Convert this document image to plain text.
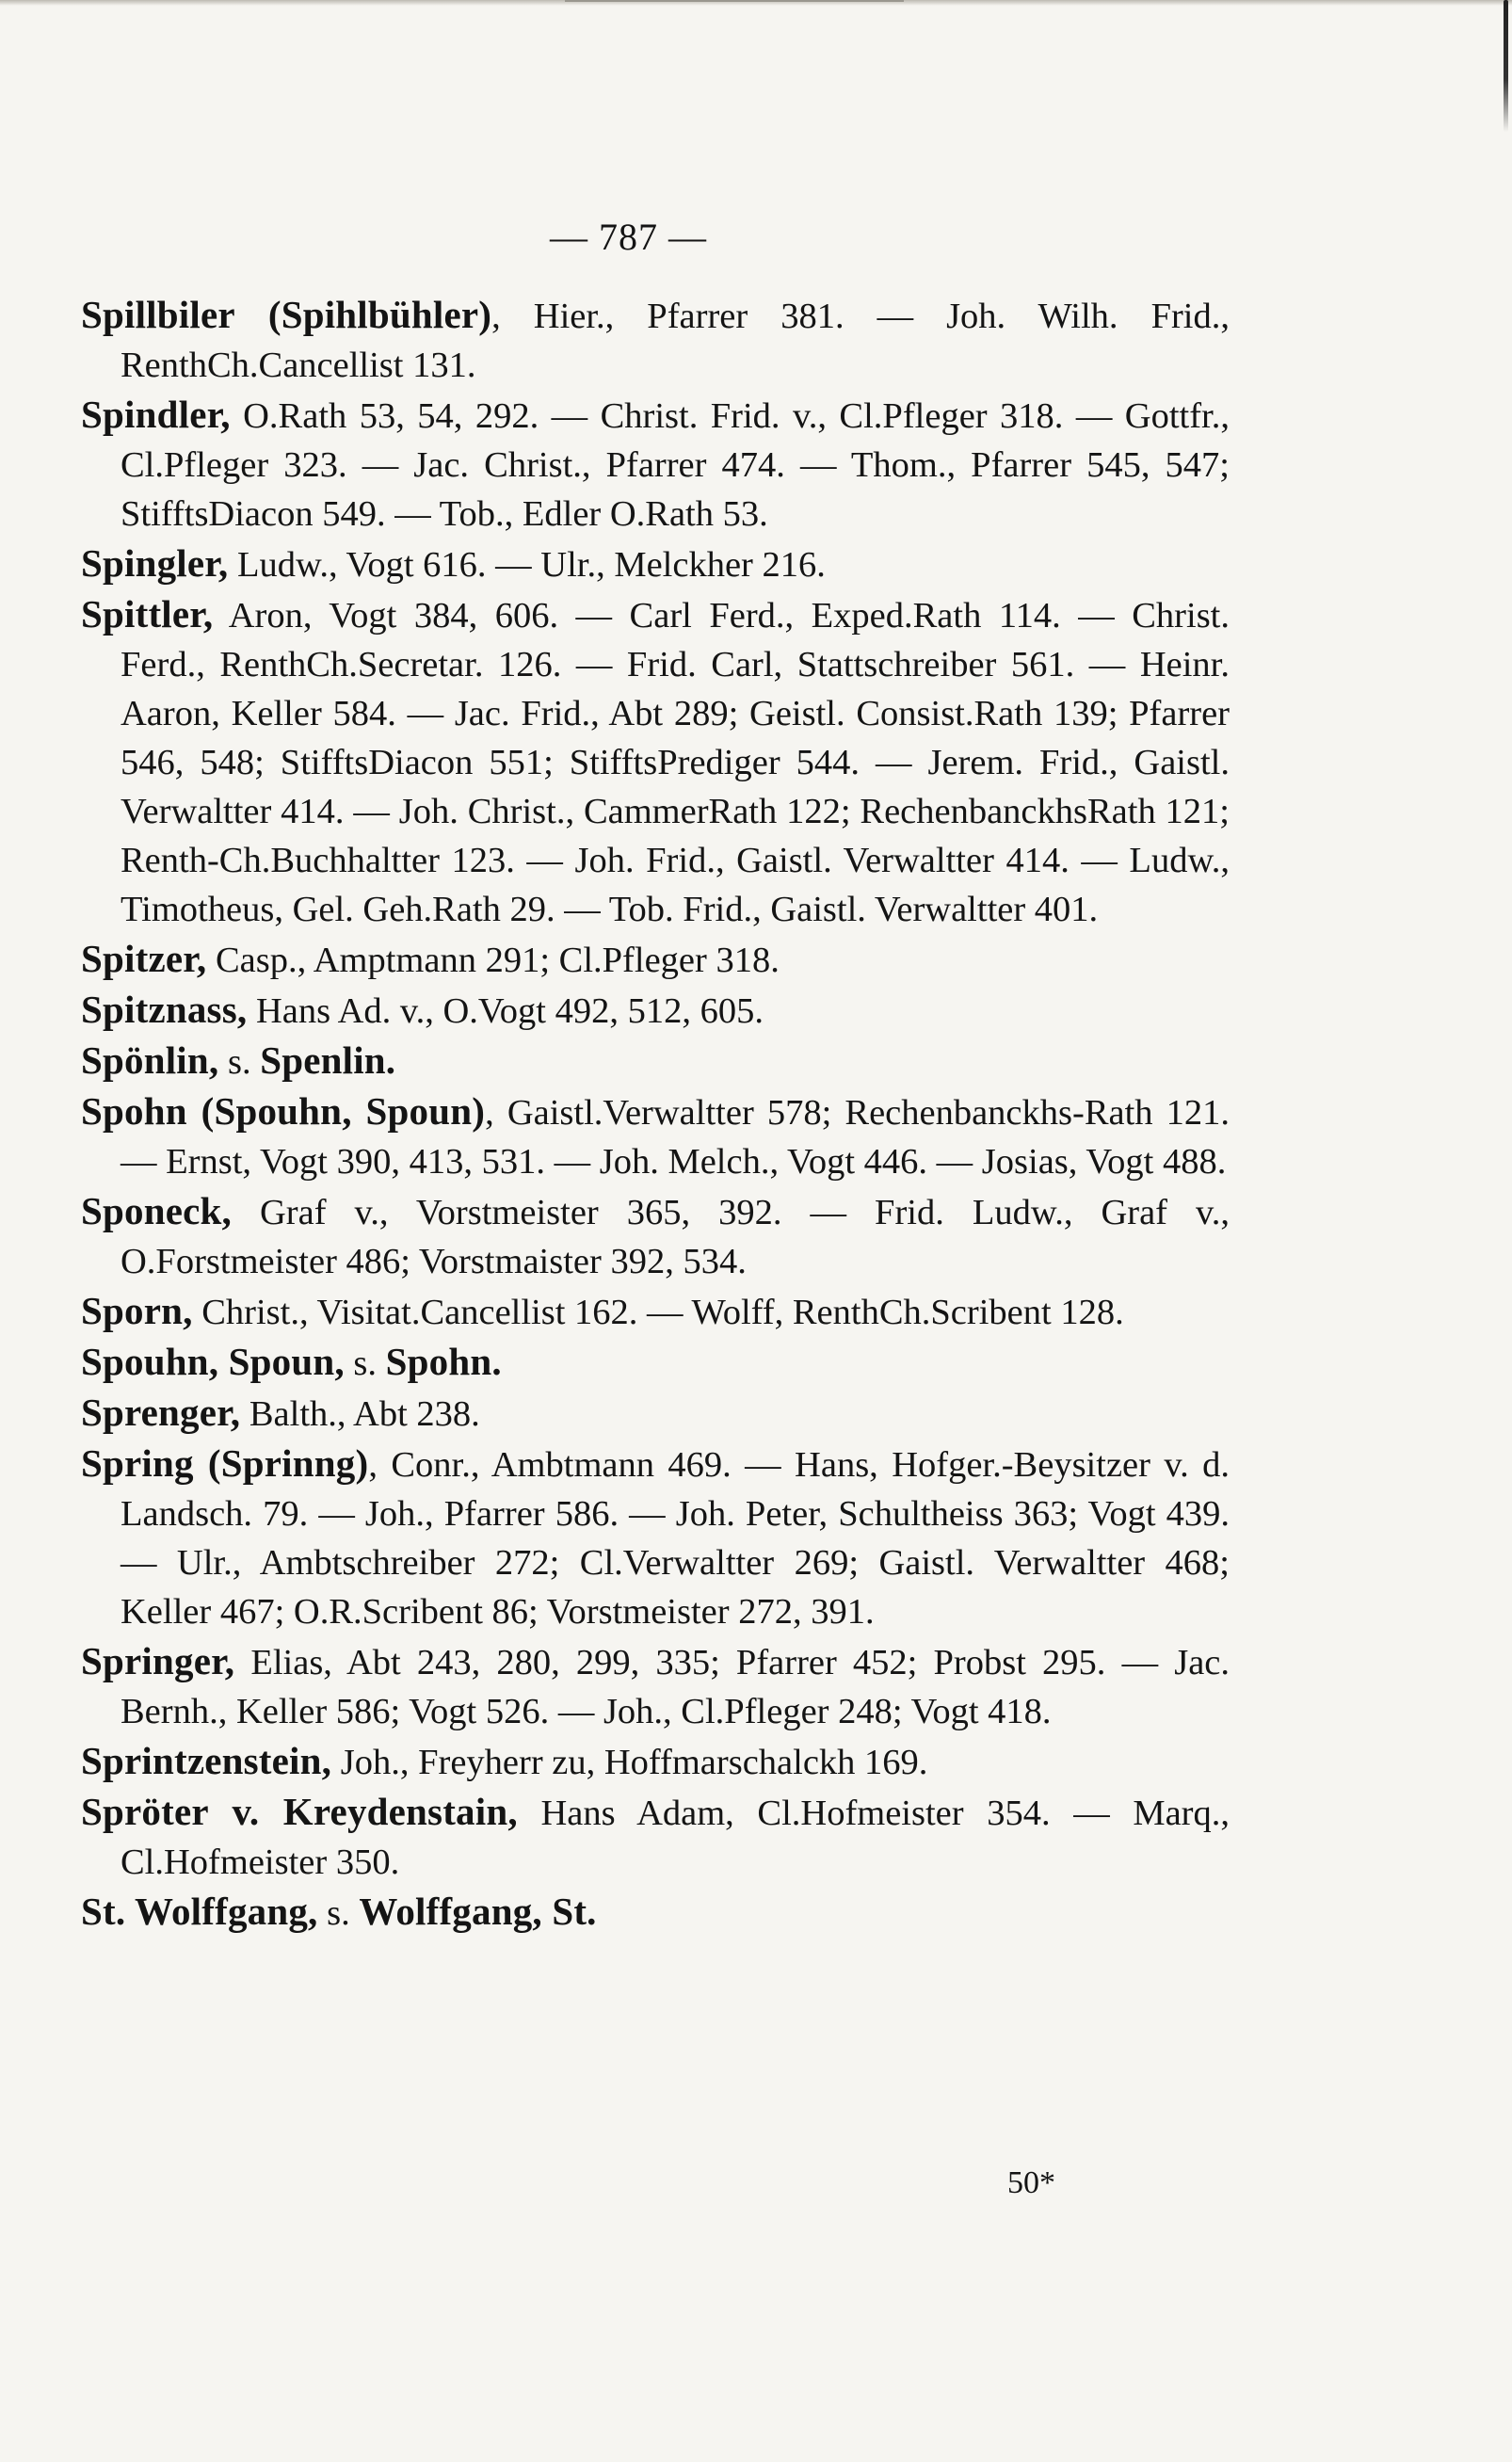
— 787 —

Spillbiler (Spihlbühler), Hier., Pfarrer 381. — Joh. Wilh. Frid., RenthCh.Cancellist 131.

Spindler, O.Rath 53, 54, 292. — Christ. Frid. v., Cl.Pfleger 318. — Gottfr., Cl.Pfleger 323. — Jac. Christ., Pfarrer 474. — Thom., Pfarrer 545, 547; StifftsDiacon 549. — Tob., Edler O.Rath 53.

Spingler, Ludw., Vogt 616. — Ulr., Melckher 216.

Spittler, Aron, Vogt 384, 606. — Carl Ferd., Exped.Rath 114. — Christ. Ferd., RenthCh.Secretar. 126. — Frid. Carl, Stattschreiber 561. — Heinr. Aaron, Keller 584. — Jac. Frid., Abt 289; Geistl. Consist.Rath 139; Pfarrer 546, 548; StifftsDiacon 551; StifftsPrediger 544. — Jerem. Frid., Gaistl. Verwaltter 414. — Joh. Christ., CammerRath 122; RechenbanckhsRath 121; Renth-Ch.Buchhaltter 123. — Joh. Frid., Gaistl. Verwaltter 414. — Ludw., Timotheus, Gel. Geh.Rath 29. — Tob. Frid., Gaistl. Verwaltter 401.

Spitzer, Casp., Amptmann 291; Cl.Pfleger 318.

Spitznass, Hans Ad. v., O.Vogt 492, 512, 605.

Spönlin, s. Spenlin.

Spohn (Spouhn, Spoun), Gaistl.Verwaltter 578; Rechenbanckhs-Rath 121. — Ernst, Vogt 390, 413, 531. — Joh. Melch., Vogt 446. — Josias, Vogt 488.

Sponeck, Graf v., Vorstmeister 365, 392. — Frid. Ludw., Graf v., O.Forstmeister 486; Vorstmaister 392, 534.

Sporn, Christ., Visitat.Cancellist 162. — Wolff, RenthCh.Scribent 128.

Spouhn, Spoun, s. Spohn.

Sprenger, Balth., Abt 238.

Spring (Sprinng), Conr., Ambtmann 469. — Hans, Hofger.-Beysitzer v. d. Landsch. 79. — Joh., Pfarrer 586. — Joh. Peter, Schultheiss 363; Vogt 439. — Ulr., Ambtschreiber 272; Cl.Verwaltter 269; Gaistl. Verwaltter 468; Keller 467; O.R.Scribent 86; Vorstmeister 272, 391.

Springer, Elias, Abt 243, 280, 299, 335; Pfarrer 452; Probst 295. — Jac. Bernh., Keller 586; Vogt 526. — Joh., Cl.Pfleger 248; Vogt 418.

Sprintzenstein, Joh., Freyherr zu, Hoffmarschalckh 169.

Spröter v. Kreydenstain, Hans Adam, Cl.Hofmeister 354. — Marq., Cl.Hofmeister 350.

St. Wolffgang, s. Wolffgang, St.

50*
